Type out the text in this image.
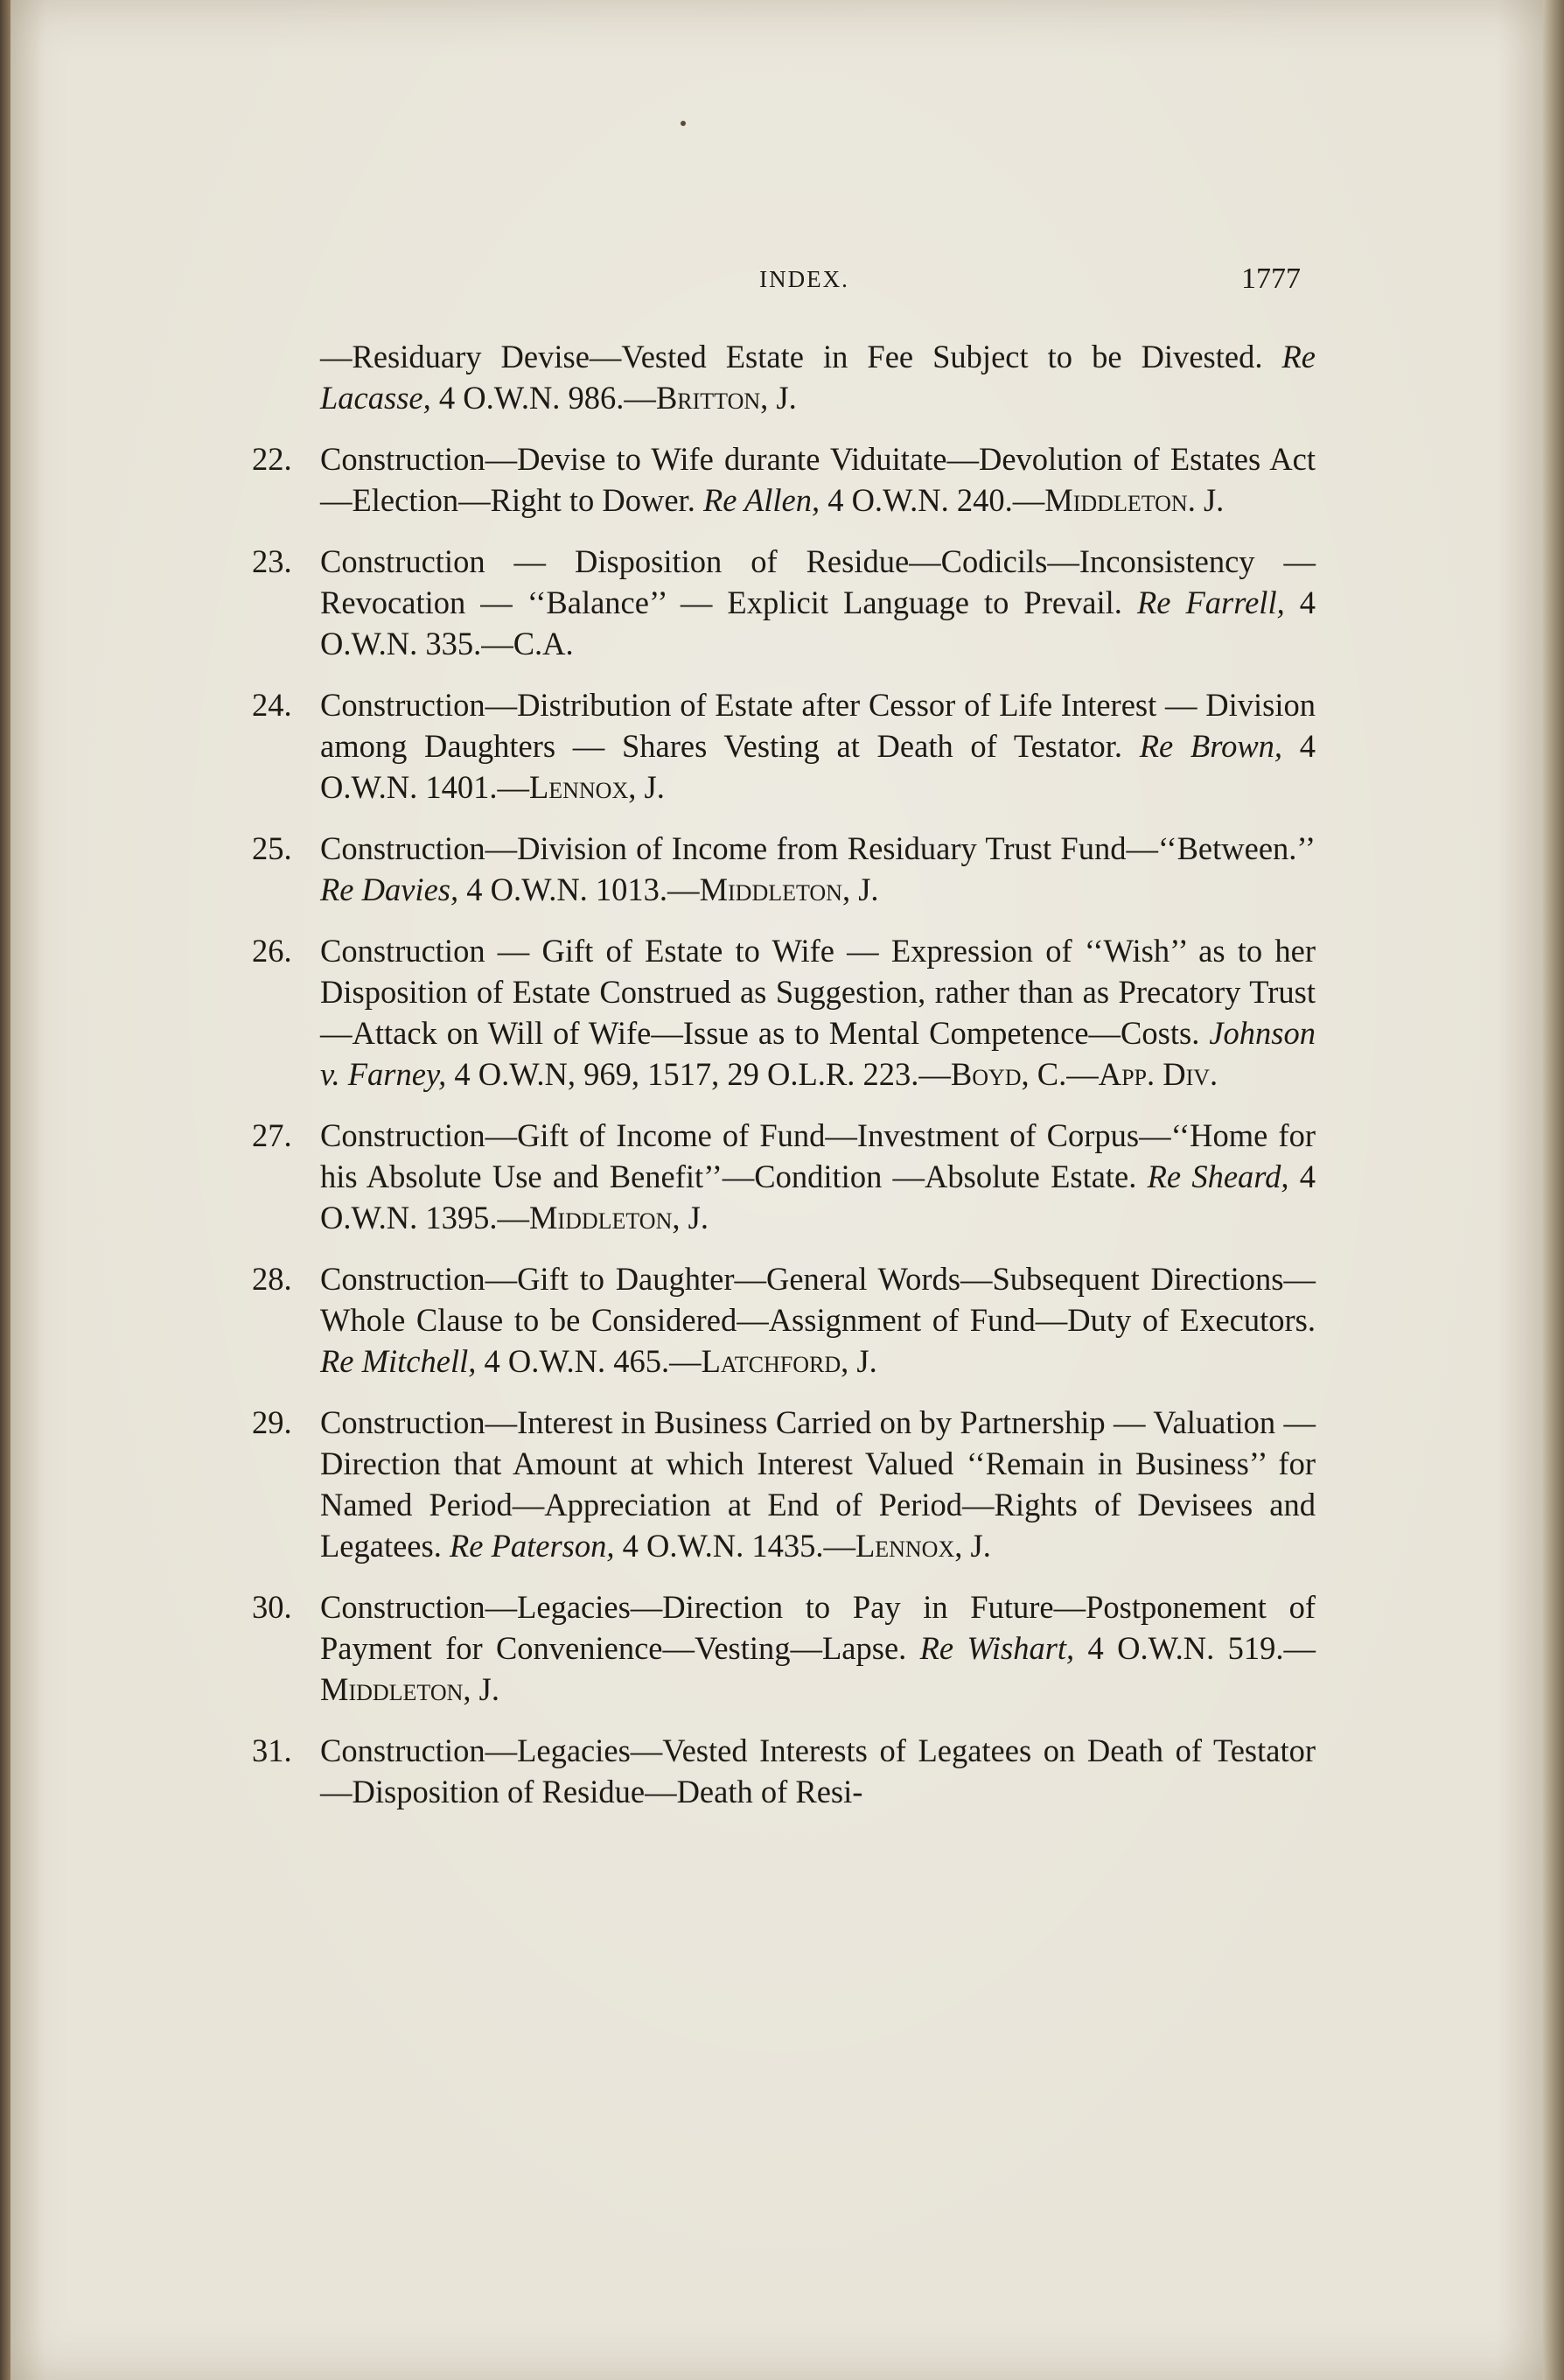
INDEX.	1777
—Residuary Devise—Vested Estate in Fee Subject to be Divested. Re Lacasse, 4 O.W.N. 986.—Britton, J.
22. Construction—Devise to Wife durante Viduitate—Devolution of Estates Act—Election—Right to Dower. Re Allen, 4 O.W.N. 240.—Middleton. J.
23. Construction — Disposition of Residue—Codicils—Inconsistency — Revocation — ‘‘Balance’’ — Explicit Language to Prevail. Re Farrell, 4 O.W.N. 335.—C.A.
24. Construction—Distribution of Estate after Cessor of Life Interest — Division among Daughters — Shares Vesting at Death of Testator. Re Brown, 4 O.W.N. 1401.—Lennox, J.
25. Construction—Division of Income from Residuary Trust Fund—‘‘Between.’’ Re Davies, 4 O.W.N. 1013.—Middleton, J.
26. Construction — Gift of Estate to Wife — Expression of ‘‘Wish’’ as to her Disposition of Estate Construed as Suggestion, rather than as Precatory Trust—Attack on Will of Wife—Issue as to Mental Competence—Costs. Johnson v. Farney, 4 O.W.N, 969, 1517, 29 O.L.R. 223.—Boyd, C.—App. Div.
27. Construction—Gift of Income of Fund—Investment of Corpus—‘‘Home for his Absolute Use and Benefit’’—Condition —Absolute Estate. Re Sheard, 4 O.W.N. 1395.—Middleton, J.
28. Construction—Gift to Daughter—General Words—Subsequent Directions—Whole Clause to be Considered—Assignment of Fund—Duty of Executors. Re Mitchell, 4 O.W.N. 465.—Latchford, J.
29. Construction—Interest in Business Carried on by Partnership — Valuation — Direction that Amount at which Interest Valued ‘‘Remain in Business’’ for Named Period—Appreciation at End of Period—Rights of Devisees and Legatees. Re Paterson, 4 O.W.N. 1435.—Lennox, J.
30. Construction—Legacies—Direction to Pay in Future—Postponement of Payment for Convenience—Vesting—Lapse. Re Wishart, 4 O.W.N. 519.—Middleton, J.
31. Construction—Legacies—Vested Interests of Legatees on Death of Testator—Disposition of Residue—Death of Resi-
